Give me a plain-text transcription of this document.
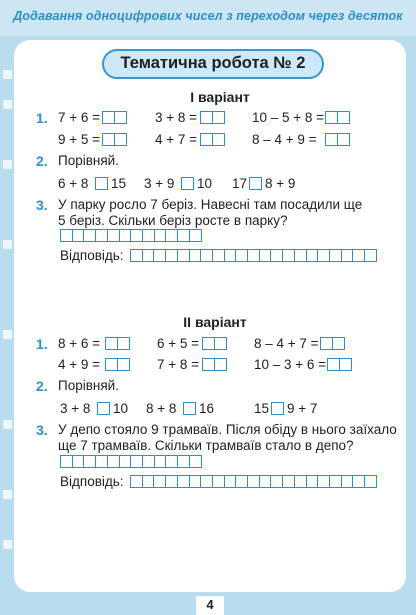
Додавання одноцифрових чисел з переходом через десяток
Тематична робота № 2
І варіант
1. 7 + 6 =	3 + 8 =	10 – 5 + 8 =
9 + 5 =	4 + 7 =	8 – 4 + 9 =
2. Порівняй.
6 + 8 15 3 + 9 10 17 8 + 9
3. У парку росло 7 беріз. Навесні там посадили ще
5 беріз. Скільки беріз росте в парку?
Відповідь:
ІІ варіант
1. 8 + 6 =	6 + 5 =	8 – 4 + 7 =
4 + 9 =	7 + 8 =	10 – 3 + 6 =
2. Порівняй.
3 + 8 10 8 + 8 16	15 9 + 7
3. У депо стояло 9 трамваїв. Після обіду в нього заїхало
ще 7 трамваїв. Скільки трамваїв стало в депо?
Відповідь:
4
